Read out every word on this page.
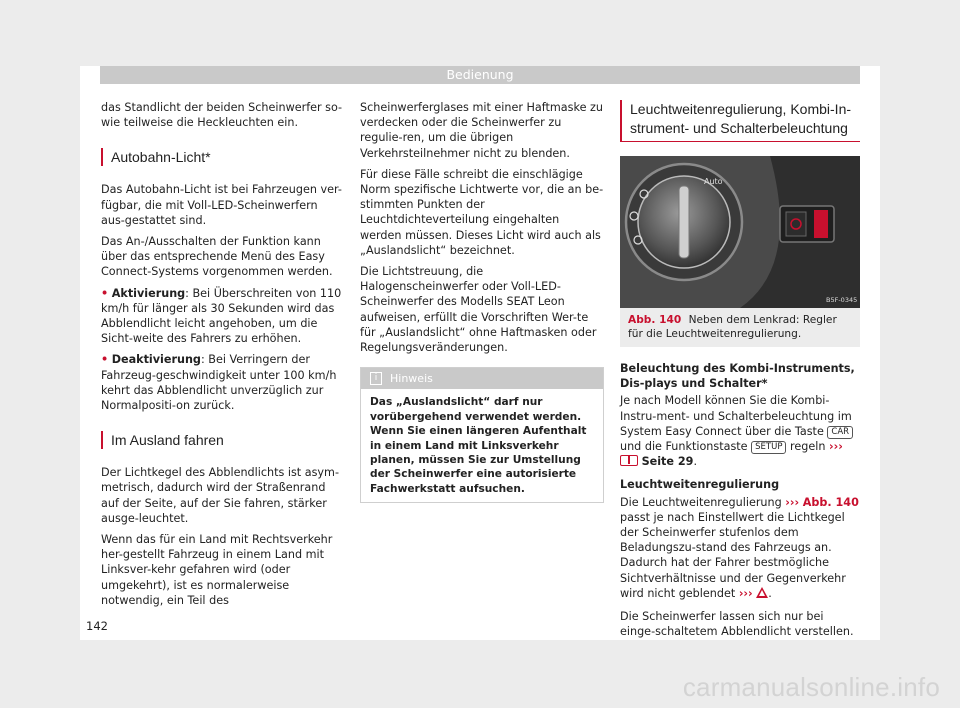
Bedienung

das Standlicht der beiden Scheinwerfer so-wie teilweise die Heckleuchten ein.

Autobahn-Licht*

Das Autobahn-Licht ist bei Fahrzeugen ver-fügbar, die mit Voll-LED-Scheinwerfern aus-gestattet sind.

Das An-/Ausschalten der Funktion kann über das entsprechende Menü des Easy Connect-Systems vorgenommen werden.

• Aktivierung: Bei Überschreiten von 110 km/h für länger als 30 Sekunden wird das Abblendlicht leicht angehoben, um die Sicht-weite des Fahrers zu erhöhen.

• Deaktivierung: Bei Verringern der Fahrzeug-geschwindigkeit unter 100 km/h kehrt das Abblendlicht unverzüglich zur Normalpositi-on zurück.

Im Ausland fahren

Der Lichtkegel des Abblendlichts ist asym-metrisch, dadurch wird der Straßenrand auf der Seite, auf der Sie fahren, stärker ausge-leuchtet.

Wenn das für ein Land mit Rechtsverkehr her-gestellt Fahrzeug in einem Land mit Linksver-kehr gefahren wird (oder umgekehrt), ist es normalerweise notwendig, ein Teil des

Scheinwerferglases mit einer Haftmaske zu verdecken oder die Scheinwerfer zu regulie-ren, um die übrigen Verkehrsteilnehmer nicht zu blenden.

Für diese Fälle schreibt die einschlägige Norm spezifische Lichtwerte vor, die an be-stimmten Punkten der Leuchtdichteverteilung eingehalten werden müssen. Dieses Licht wird auch als „Auslandslicht“ bezeichnet.

Die Lichtstreuung, die Halogenscheinwerfer oder Voll-LED-Scheinwerfer des Modells SEAT Leon aufweisen, erfüllt die Vorschriften Wer-te für „Auslandslicht“ ohne Haftmasken oder Regelungsveränderungen.

i	Hinweis
Das „Auslandslicht“ darf nur vorübergehend verwendet werden. Wenn Sie einen längeren Aufenthalt in einem Land mit Linksverkehr planen, müssen Sie zur Umstellung der Scheinwerfer eine autorisierte Fachwerkstatt aufsuchen.
Leuchtweitenregulierung, Kombi-In-strument- und Schalterbeleuchtung
Auto
B5F-0345
Abb. 140 Neben dem Lenkrad: Regler für die Leuchtweitenregulierung.
Beleuchtung des Kombi-Instruments, Dis-plays und Schalter*

Je nach Modell können Sie die Kombi-Instru-ment- und Schalterbeleuchtung im System Easy Connect über die Taste CAR und die Funktionstaste SETUP regeln ›››  Seite 29.

Leuchtweitenregulierung

Die Leuchtweitenregulierung ››› Abb. 140 passt je nach Einstellwert die Lichtkegel der Scheinwerfer stufenlos dem Beladungszu-stand des Fahrzeugs an. Dadurch hat der Fahrer bestmögliche Sichtverhältnisse und der Gegenverkehr wird nicht geblendet ››› .

Die Scheinwerfer lassen sich nur bei einge-schaltetem Abblendlicht verstellen.

142
carmanualsonline.info
